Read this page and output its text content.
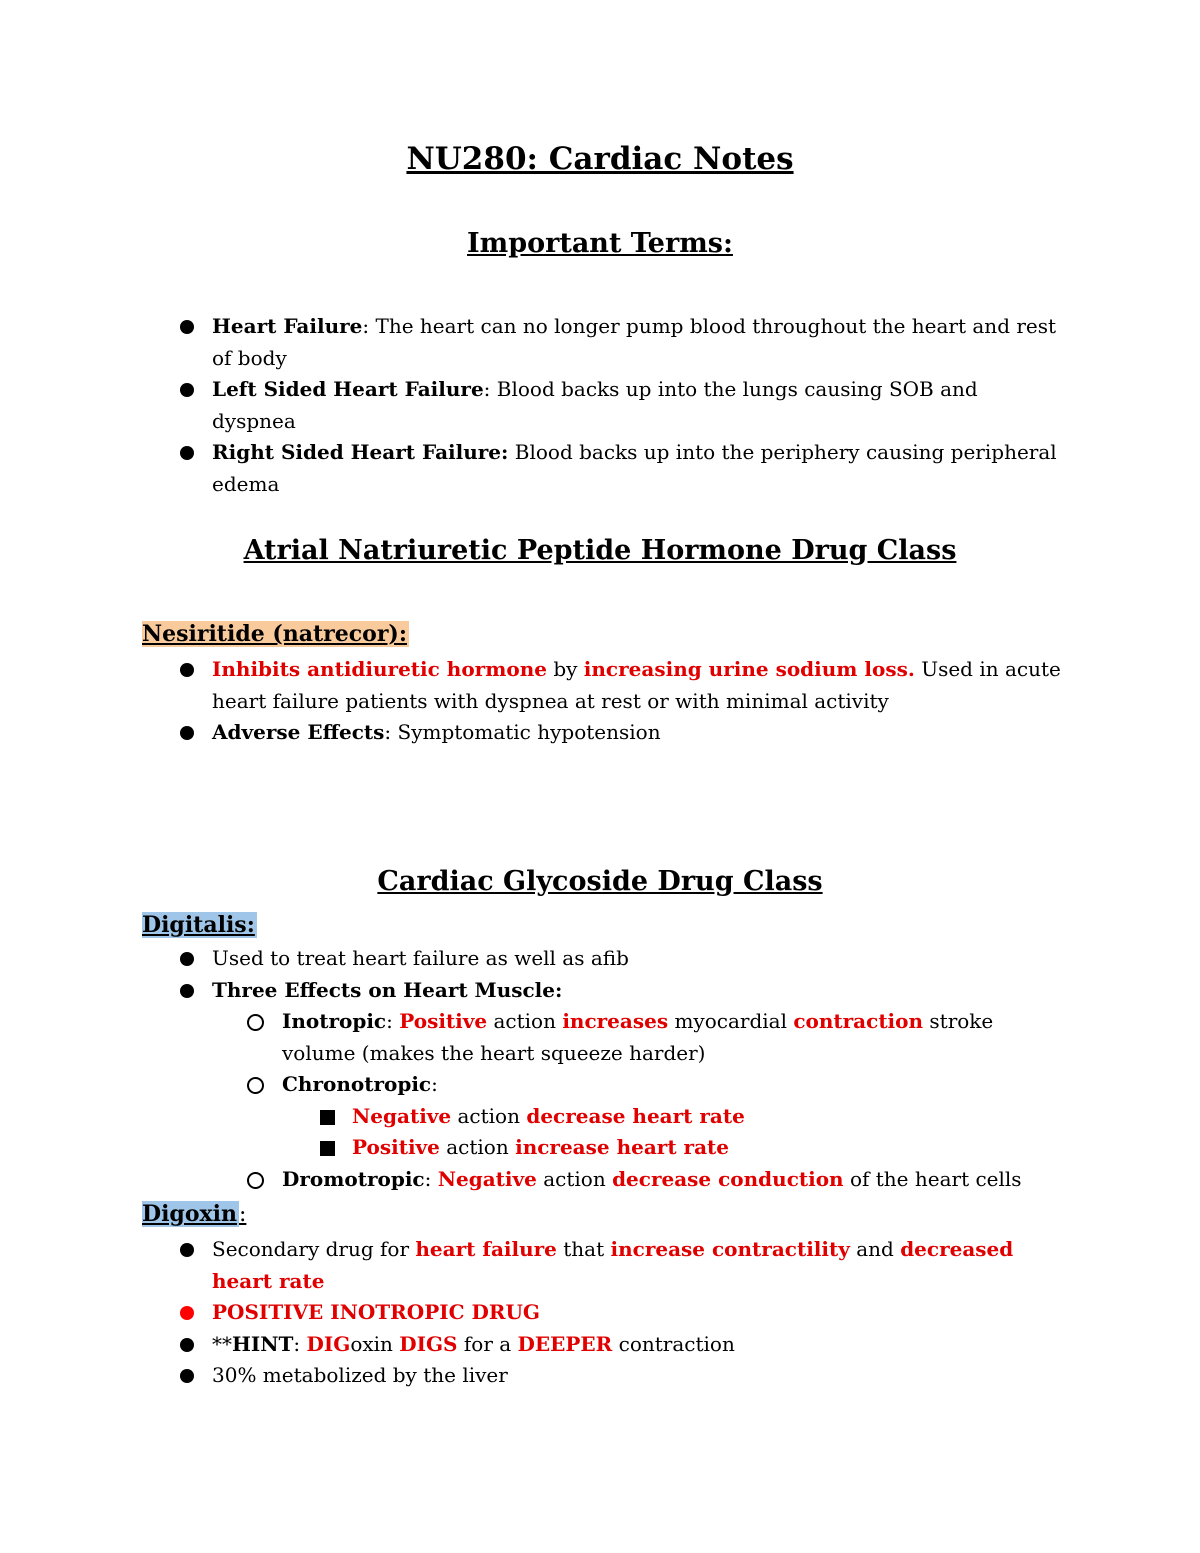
NU280: Cardiac Notes
Important Terms:
Heart Failure: The heart can no longer pump blood throughout the heart and rest of body
Left Sided Heart Failure: Blood backs up into the lungs causing SOB and dyspnea
Right Sided Heart Failure: Blood backs up into the periphery causing peripheral edema
Atrial Natriuretic Peptide Hormone Drug Class
Nesiritide (natrecor):
Inhibits antidiuretic hormone by increasing urine sodium loss. Used in acute heart failure patients with dyspnea at rest or with minimal activity
Adverse Effects: Symptomatic hypotension
Cardiac Glycoside Drug Class
Digitalis:
Used to treat heart failure as well as afib
Three Effects on Heart Muscle:
Inotropic: Positive action increases myocardial contraction stroke volume (makes the heart squeeze harder)
Chronotropic:
Negative action decrease heart rate
Positive action increase heart rate
Dromotropic: Negative action decrease conduction of the heart cells
Digoxin:
Secondary drug for heart failure that increase contractility and decreased heart rate
POSITIVE INOTROPIC DRUG
**HINT: DIGoxin DIGS for a DEEPER contraction
30% metabolized by the liver
